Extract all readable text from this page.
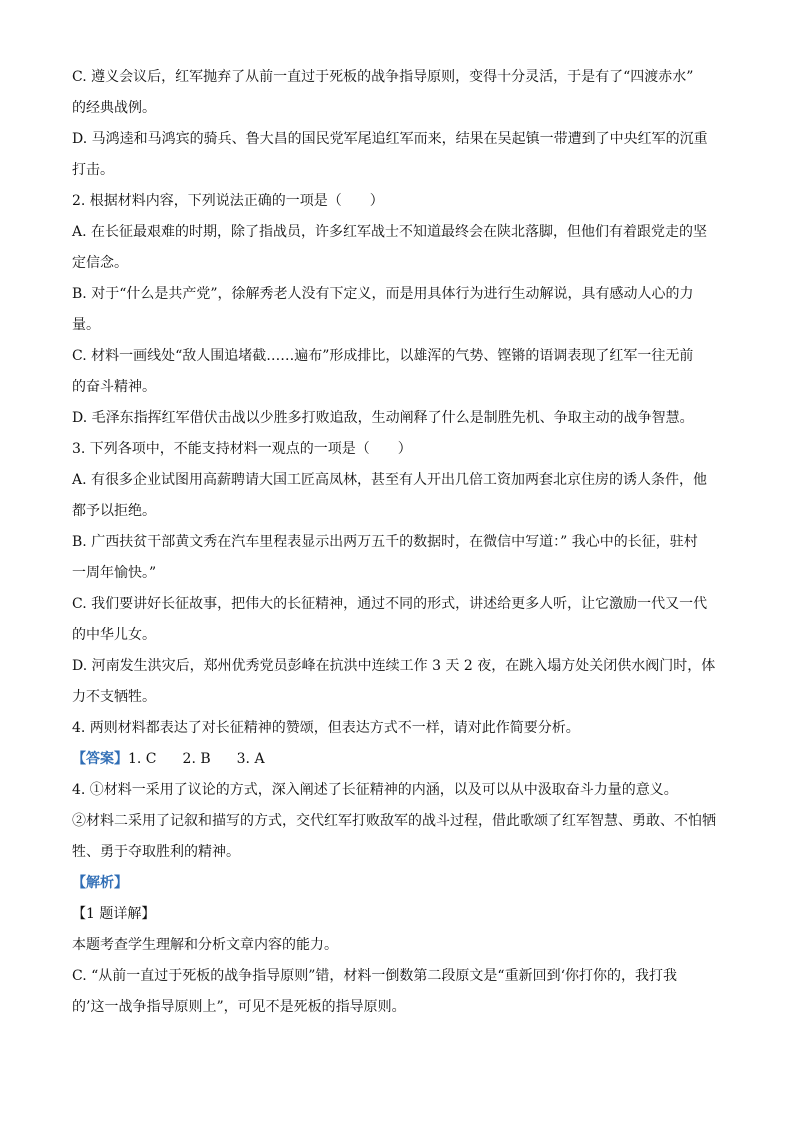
C. 遵义会议后，红军抛弃了从前一直过于死板的战争指导原则，变得十分灵活，于是有了“四渡赤水”
的经典战例。
D. 马鸿逵和马鸿宾的骑兵、鲁大昌的国民党军尾追红军而来，结果在吴起镇一带遭到了中央红军的沉重
打击。
2. 根据材料内容，下列说法正确的一项是（　　）
A. 在长征最艰难的时期，除了指战员，许多红军战士不知道最终会在陕北落脚，但他们有着跟党走的坚
定信念。
B. 对于“什么是共产党”，徐解秀老人没有下定义，而是用具体行为进行生动解说，具有感动人心的力
量。
C. 材料一画线处“敌人围追堵截……遍布”形成排比，以雄浑的气势、铿锵的语调表现了红军一往无前
的奋斗精神。
D. 毛泽东指挥红军借伏击战以少胜多打败追敌，生动阐释了什么是制胜先机、争取主动的战争智慧。
3. 下列各项中，不能支持材料一观点的一项是（　　）
A. 有很多企业试图用高薪聘请大国工匠高凤林，甚至有人开出几倍工资加两套北京住房的诱人条件，他
都予以拒绝。
B. 广西扶贫干部黄文秀在汽车里程表显示出两万五千的数据时，在微信中写道：” 我心中的长征，驻村
一周年愉快。”
C. 我们要讲好长征故事，把伟大的长征精神，通过不同的形式，讲述给更多人听，让它激励一代又一代
的中华儿女。
D. 河南发生洪灾后，郑州优秀党员彭峰在抗洪中连续工作 3 天 2 夜，在跳入塌方处关闭供水阀门时，体
力不支牺牲。
4. 两则材料都表达了对长征精神的赞颂，但表达方式不一样，请对此作简要分析。
【答案】1. C 2. B 3. A
4. ①材料一采用了议论的方式，深入阐述了长征精神的内涵，以及可以从中汲取奋斗力量的意义。
②材料二采用了记叙和描写的方式，交代红军打败敌军的战斗过程，借此歌颂了红军智慧、勇敢、不怕牺
牲、勇于夺取胜利的精神。
【解析】
【1 题详解】
本题考查学生理解和分析文章内容的能力。
C. “从前一直过于死板的战争指导原则”错，材料一倒数第二段原文是“重新回到‘你打你的，我打我
的’这一战争指导原则上”，可见不是死板的指导原则。
